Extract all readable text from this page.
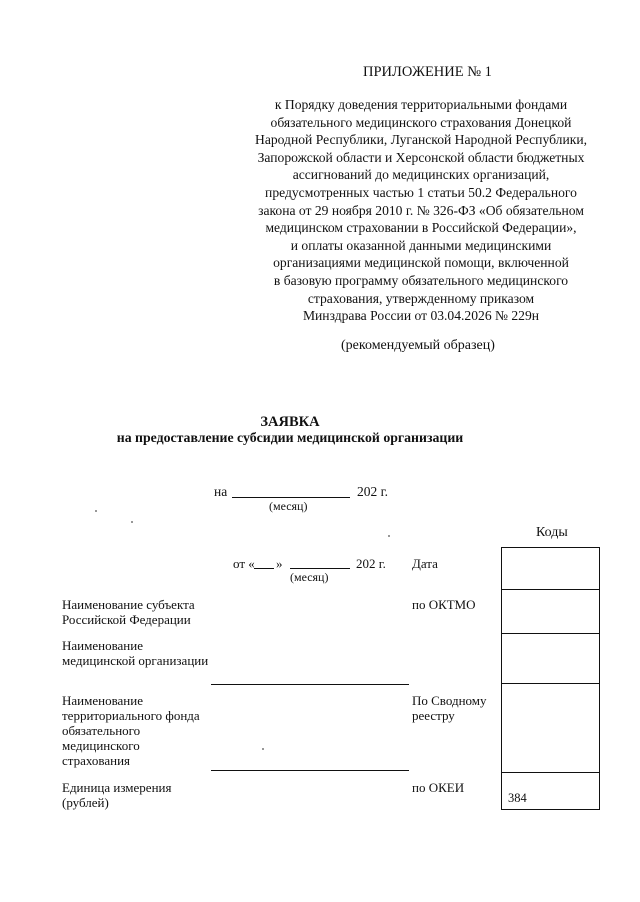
ПРИЛОЖЕНИЕ № 1
к Порядку доведения территориальными фондами
обязательного медицинского страхования Донецкой
Народной Республики, Луганской Народной Республики,
Запорожской области и Херсонской области бюджетных
ассигнований до медицинских организаций,
предусмотренных частью 1 статьи 50.2 Федерального
закона от 29 ноября 2010 г. № 326-ФЗ «Об обязательном
медицинском страховании в Российской Федерации»,
и оплаты оказанной данными медицинскими
организациями медицинской помощи, включенной
в базовую программу обязательного медицинского
страхования, утвержденному приказом
Минздрава России от 03.04.2026 № 229н
(рекомендуемый образец)
ЗАЯВКА
на предоставление субсидии медицинской организации
на	202 г.
(месяц)
Коды
384
от « »	202 г.
(месяц)
Дата
по ОКТМО
По Сводному реестру
по ОКЕИ
Наименование субъекта Российской Федерации
Наименование медицинской организации
Наименование территориального фонда обязательного медицинского страхования
Единица измерения (рублей)
